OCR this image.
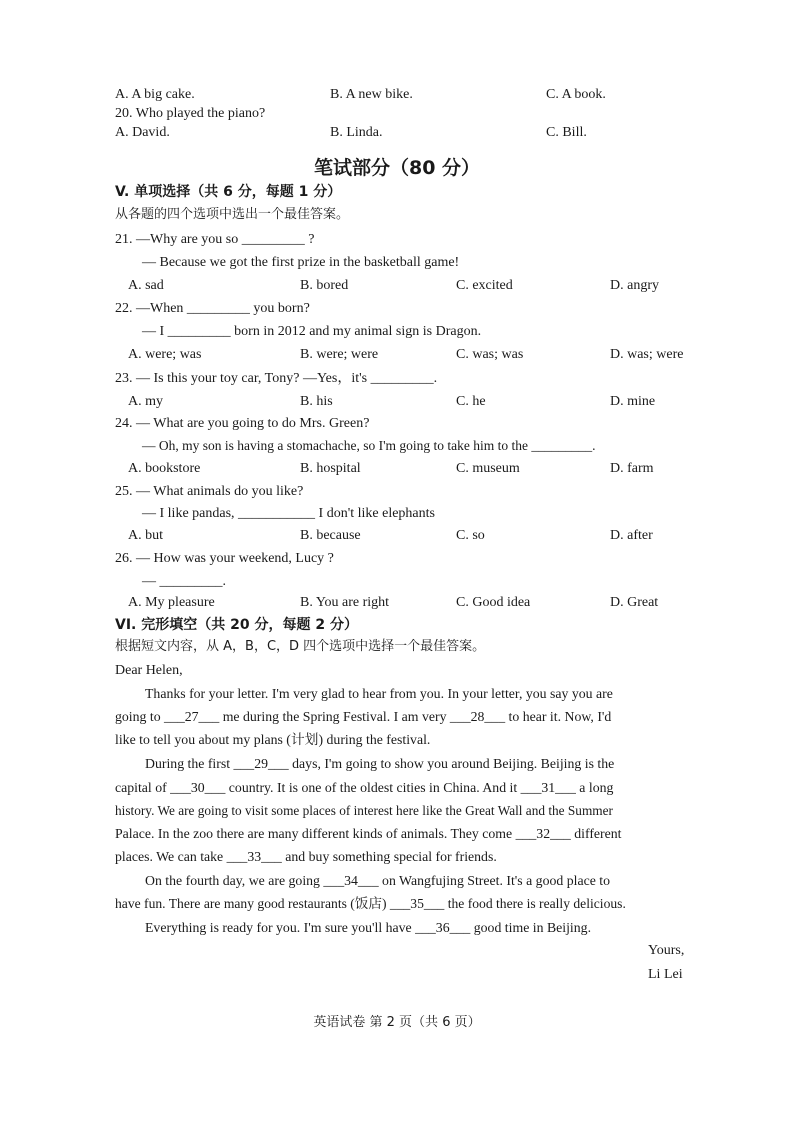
A. A big cake.	B. A new bike.	C. A book.
20. Who played the piano?
A. David.	B. Linda.	C. Bill.
笔试部分（80 分）
V. 单项选择（共 6 分，每题 1 分）
从各题的四个选项中选出一个最佳答案。
21. —Why are you so _________ ?
— Because we got the first prize in the basketball game!
A. sad	B. bored	C. excited	D. angry
22. —When _________ you born?
— I _________ born in 2012 and my animal sign is Dragon.
A. were; was	B. were; were	C. was; was	D. was; were
23. — Is this your toy car, Tony? —Yes，it's _________.
A. my	B. his	C. he	D. mine
24. — What are you going to do Mrs. Green?
— Oh, my son is having a stomachache, so I'm going to take him to the _________.
A. bookstore	B. hospital	C. museum	D. farm
25. — What animals do you like?
— I like pandas, ___________ I don't like elephants
A. but	B. because	C. so	D. after
26. — How was your weekend, Lucy ?
— _________.
A. My pleasure	B. You are right	C. Good idea	D. Great
VI. 完形填空（共 20 分，每题 2 分）
根据短文内容，从 A，B，C，D 四个选项中选择一个最佳答案。
Dear Helen,
Thanks for your letter. I'm very glad to hear from you. In your letter, you say you are
going to ___27___ me during the Spring Festival. I am very ___28___ to hear it. Now, I'd
like to tell you about my plans (计划) during the festival.
During the first ___29___ days, I'm going to show you around Beijing. Beijing is the
capital of ___30___ country. It is one of the oldest cities in China. And it ___31___ a long
history. We are going to visit some places of interest here like the Great Wall and the Summer
Palace. In the zoo there are many different kinds of animals. They come ___32___ different
places. We can take ___33___ and buy something special for friends.
On the fourth day, we are going ___34___ on Wangfujing Street. It's a good place to
have fun. There are many good restaurants (饭店) ___35___ the food there is really delicious.
Everything is ready for you. I'm sure you'll have ___36___ good time in Beijing.
Yours,
Li Lei
英语试卷 第 2 页（共 6 页）
